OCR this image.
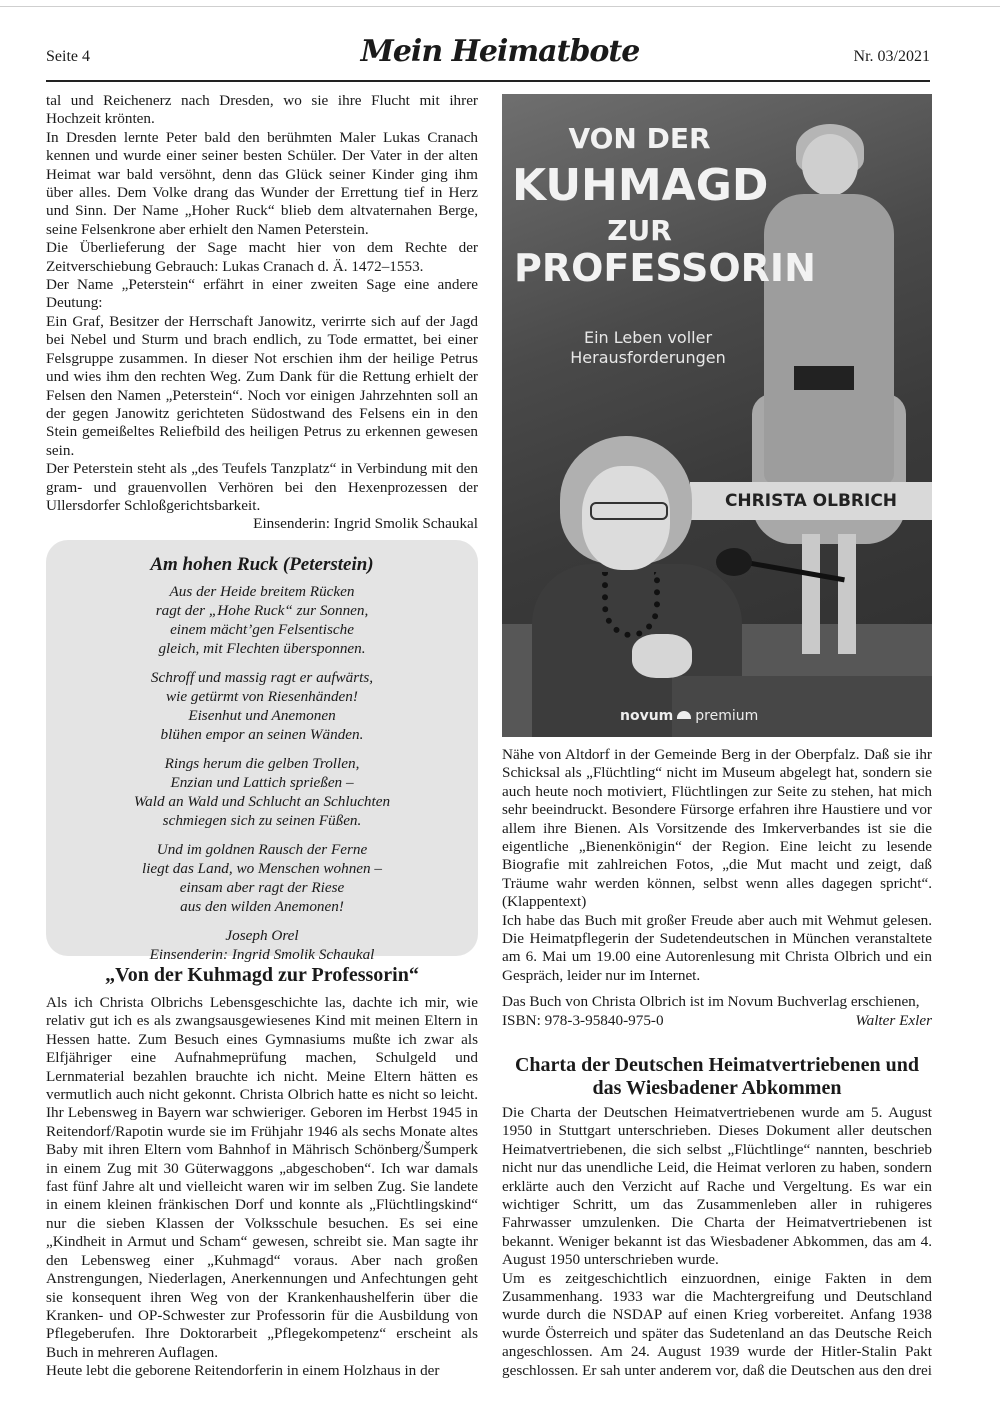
Seite 4	Mein Heimatbote	Nr. 03/2021

tal und Reichenerz nach Dresden, wo sie ihre Flucht mit ihrer Hochzeit krönten.

In Dresden lernte Peter bald den berühmten Maler Lukas Cranach kennen und wurde einer seiner besten Schüler. Der Vater in der alten Heimat war bald versöhnt, denn das Glück seiner Kinder ging ihm über alles. Dem Volke drang das Wunder der Errettung tief in Herz und Sinn. Der Name „Hoher Ruck“ blieb dem altvaternahen Berge, seine Felsenkrone aber erhielt den Namen Peterstein.

Die Überlieferung der Sage macht hier von dem Rechte der Zeitverschiebung Gebrauch: Lukas Cranach d. Ä. 1472–1553.

Der Name „Peterstein“ erfährt in einer zweiten Sage eine andere Deutung:

Ein Graf, Besitzer der Herrschaft Janowitz, verirrte sich auf der Jagd bei Nebel und Sturm und brach endlich, zu Tode ermattet, bei einer Felsgruppe zusammen. In dieser Not erschien ihm der heilige Petrus und wies ihm den rechten Weg. Zum Dank für die Rettung erhielt der Felsen den Namen „Peterstein“. Noch vor einigen Jahrzehnten soll an der gegen Janowitz gerichteten Südostwand des Felsens ein in den Stein gemeißeltes Reliefbild des heiligen Petrus zu erkennen gewesen sein.

Der Peterstein steht als „des Teufels Tanzplatz“ in Verbindung mit den gram- und grauenvollen Verhören bei den Hexenprozessen der Ullersdorfer Schloßgerichtsbarkeit.

Einsenderin: Ingrid Smolik Schaukal

Am hohen Ruck (Peterstein)
Aus der Heide breitem Rücken
ragt der „Hohe Ruck“ zur Sonnen,
einem mächt’gen Felsentische
gleich, mit Flechten übersponnen.
Schroff und massig ragt er aufwärts,
wie getürmt von Riesenhänden!
Eisenhut und Anemonen
blühen empor an seinen Wänden.
Rings herum die gelben Trollen,
Enzian und Lattich sprießen –
Wald an Wald und Schlucht an Schluchten
schmiegen sich zu seinen Füßen.
Und im goldnen Rausch der Ferne
liegt das Land, wo Menschen wohnen –
einsam aber ragt der Riese
aus den wilden Anemonen!
Joseph Orel
Einsenderin: Ingrid Smolik Schaukal
„Von der Kuhmagd zur Professorin“

Als ich Christa Olbrichs Lebensgeschichte las, dachte ich mir, wie relativ gut ich es als zwangsausgewiesenes Kind mit meinen Eltern in Hessen hatte. Zum Besuch eines Gymnasiums mußte ich zwar als Elfjähriger eine Aufnahmeprüfung machen, Schulgeld und Lernmaterial bezahlen brauchte ich nicht. Meine Eltern hätten es vermutlich auch nicht gekonnt. Christa Olbrich hatte es nicht so leicht. Ihr Lebensweg in Bayern war schwieriger. Geboren im Herbst 1945 in Reitendorf/Rapotin wurde sie im Frühjahr 1946 als sechs Monate altes Baby mit ihren Eltern vom Bahnhof in Mährisch Schönberg/Šumperk in einem Zug mit 30 Güterwaggons „abgeschoben“. Ich war damals fast fünf Jahre alt und vielleicht waren wir im selben Zug. Sie landete in einem kleinen fränkischen Dorf und konnte als „Flüchtlingskind“ nur die sieben Klassen der Volksschule besuchen. Es sei eine „Kindheit in Armut und Scham“ gewesen, schreibt sie. Man sagte ihr den Lebensweg einer „Kuhmagd“ voraus. Aber nach großen Anstrengungen, Niederlagen, Anerkennungen und Anfechtungen geht sie konsequent ihren Weg von der Krankenhaushelferin über die Kranken- und OP-Schwester zur Professorin für die Ausbildung von Pflegeberufen. Ihre Doktorarbeit „Pflegekompetenz“ erscheint als Buch in mehreren Auflagen.

Heute lebt die geborene Reitendorferin in einem Holzhaus in der

CHRISTA OLBRICH
VON DER
KUHMAGD
ZUR
PROFESSORIN
Ein Leben voller Herausforderungen
novum premium

Nähe von Altdorf in der Gemeinde Berg in der Oberpfalz. Daß sie ihr Schicksal als „Flüchtling“ nicht im Museum abgelegt hat, sondern sie auch heute noch motiviert, Flüchtlingen zur Seite zu stehen, hat mich sehr beeindruckt. Besondere Fürsorge erfahren ihre Haustiere und vor allem ihre Bienen. Als Vorsitzende des Imkerverbandes ist sie die eigentliche „Bienenkönigin“ der Region. Eine leicht zu lesende Biografie mit zahlreichen Fotos, „die Mut macht und zeigt, daß Träume wahr werden können, selbst wenn alles dagegen spricht“. (Klappentext)

Ich habe das Buch mit großer Freude aber auch mit Wehmut gelesen. Die Heimatpflegerin der Sudetendeutschen in München veranstaltete am 6. Mai um 19.00 eine Autorenlesung mit Christa Olbrich und ein Gespräch, leider nur im Internet.

Das Buch von Christa Olbrich ist im Novum Buchverlag erschienen,

ISBN: 978-3-95840-975-0	Walter Exler
Charta der Deutschen Heimatvertriebenen und das Wiesbadener Abkommen

Die Charta der Deutschen Heimatvertriebenen wurde am 5. August 1950 in Stuttgart unterschrieben. Dieses Dokument aller deutschen Heimatvertriebenen, die sich selbst „Flüchtlinge“ nannten, beschrieb nicht nur das unendliche Leid, die Heimat verloren zu haben, sondern erklärte auch den Verzicht auf Rache und Vergeltung. Es war ein wichtiger Schritt, um das Zusammenleben aller in ruhigeres Fahrwasser umzulenken. Die Charta der Heimatvertriebenen ist bekannt. Weniger bekannt ist das Wiesbadener Abkommen, das am 4. August 1950 unterschrieben wurde.

Um es zeitgeschichtlich einzuordnen, einige Fakten in dem Zusammenhang. 1933 war die Machtergreifung und Deutschland wurde durch die NSDAP auf einen Krieg vorbereitet. Anfang 1938 wurde Österreich und später das Sudetenland an das Deutsche Reich angeschlossen. Am 24. August 1939 wurde der Hitler-Stalin Pakt geschlossen. Er sah unter anderem vor, daß die Deutschen aus den drei
